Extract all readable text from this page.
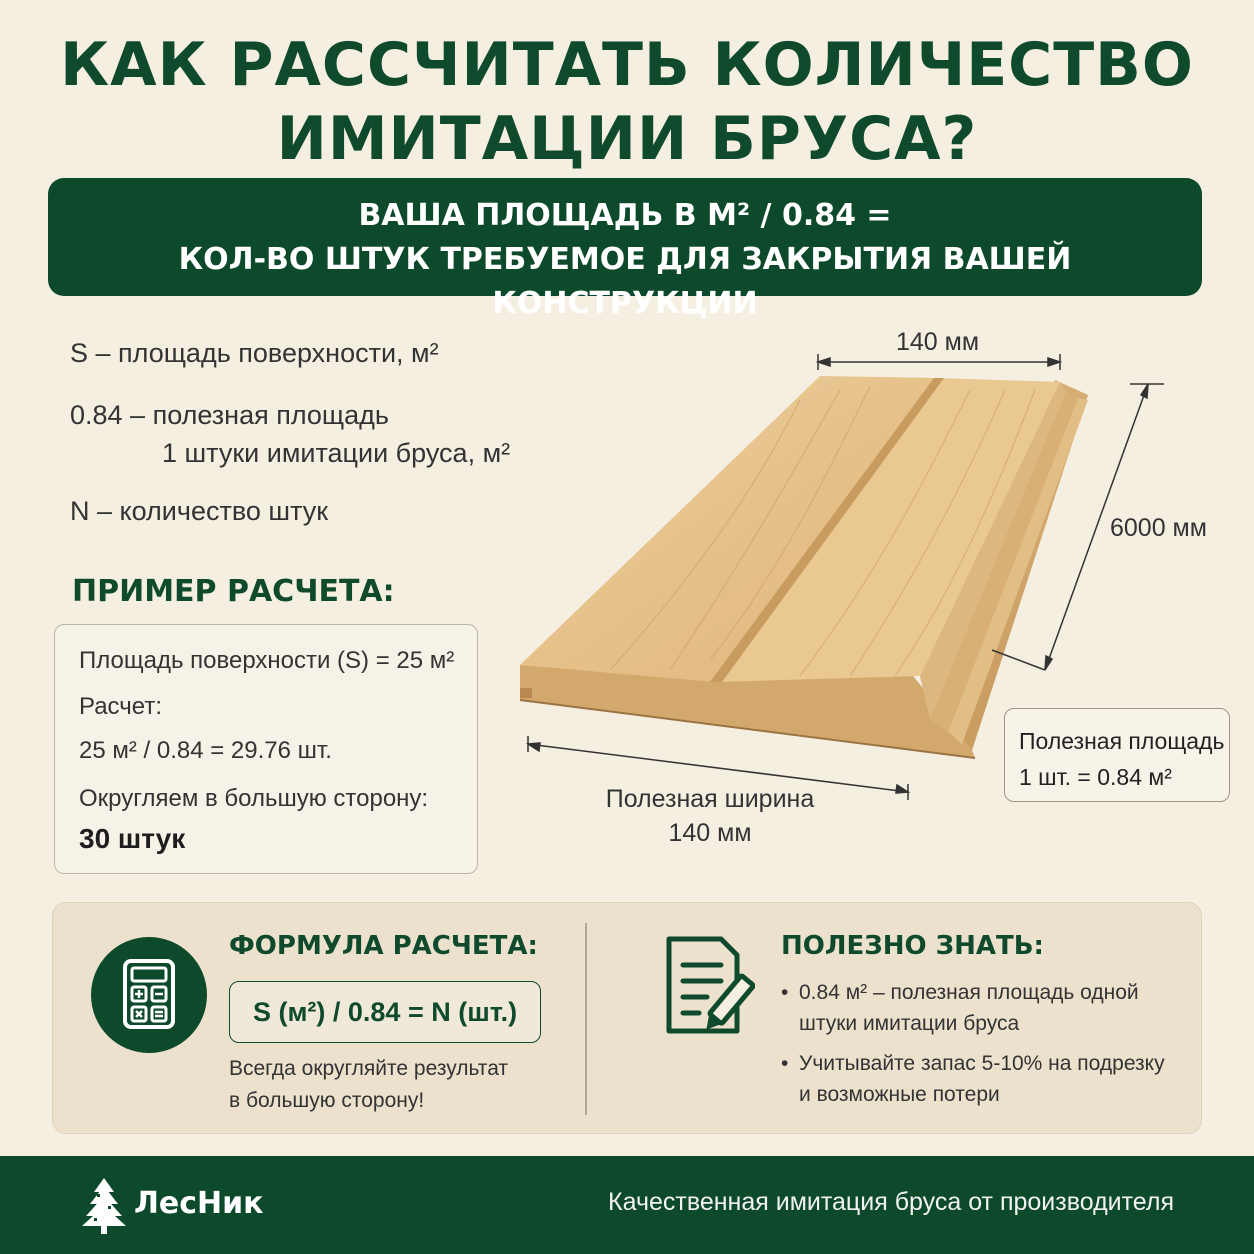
КАК РАССЧИТАТЬ КОЛИЧЕСТВО
ИМИТАЦИИ БРУСА?
ВАША ПЛОЩАДЬ В М² / 0.84 =
КОЛ-ВО ШТУК ТРЕБУЕМОЕ ДЛЯ ЗАКРЫТИЯ ВАШЕЙ КОНСТРУКЦИИ
S – площадь поверхности, м²
0.84 – полезная площадь
1 штуки имитации бруса, м²
N – количество штук
ПРИМЕР РАСЧЕТА:
Площадь поверхности (S) = 25 м²
Расчет:
25 м² / 0.84 = 29.76 шт.
Округляем в большую сторону:
30 штук
140 мм
6000 мм
Полезная ширина
140 мм
Полезная площадь
1 шт. = 0.84 м²
ФОРМУЛА РАСЧЕТА:
S (м²) / 0.84 = N (шт.)
Всегда округляйте результат
в большую сторону!
ПОЛЕЗНО ЗНАТЬ:
• 0.84 м² – полезная площадь одной
штуки имитации бруса
• Учитывайте запас 5-10% на подрезку
и возможные потери
ЛесНик	Качественная имитация бруса от производителя
